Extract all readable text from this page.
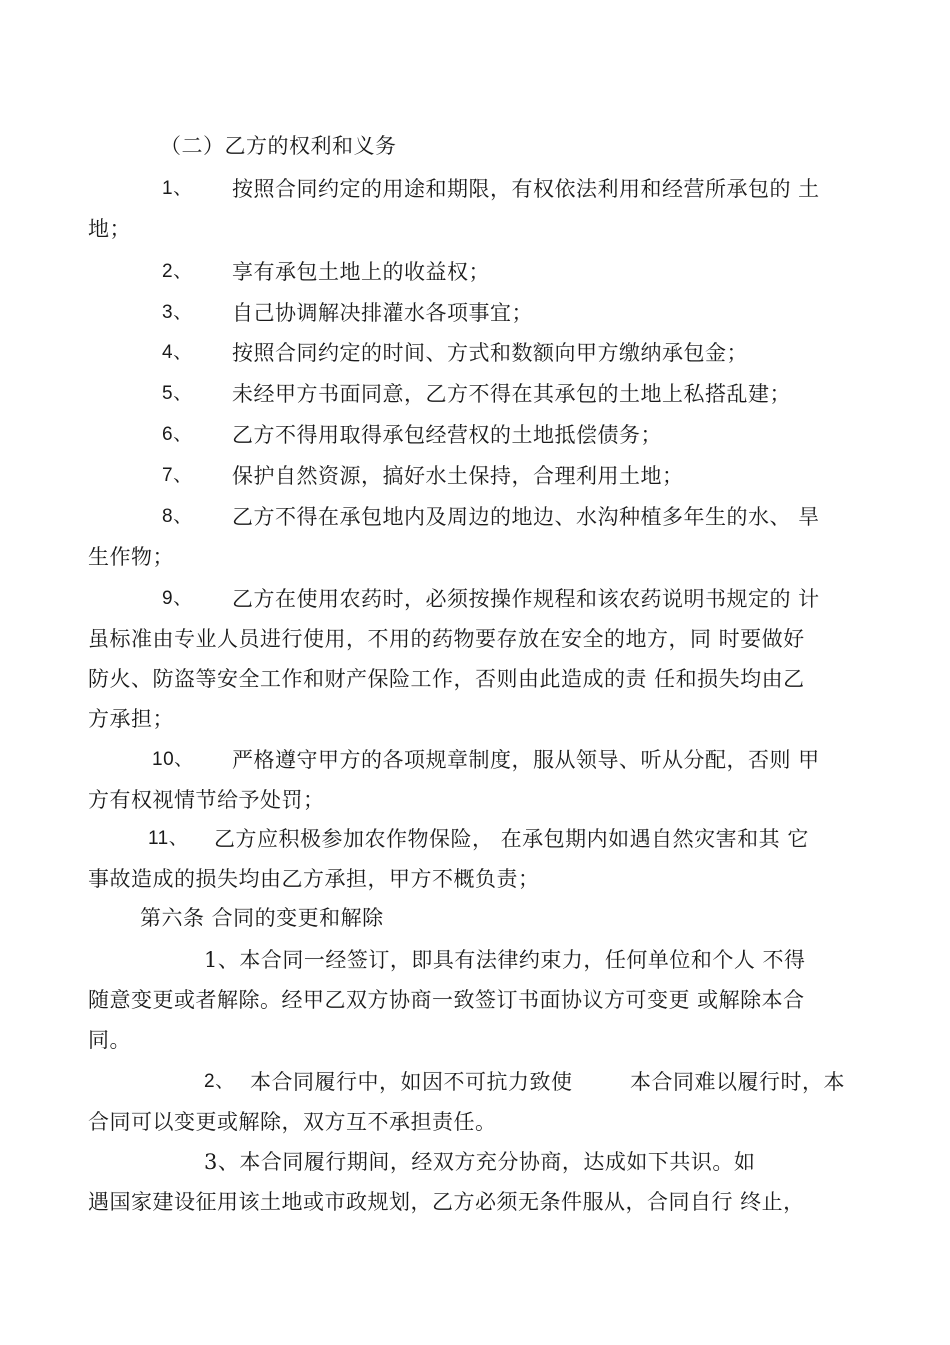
（二）乙方的权利和义务
1、 按照合同约定的用途和期限，有权依法利用和经营所承包的 土
地；
2、 享有承包土地上的收益权；
3、 自己协调解决排灌水各项事宜；
4、 按照合同约定的时间、方式和数额向甲方缴纳承包金；
5、 未经甲方书面同意，乙方不得在其承包的土地上私搭乱建；
6、 乙方不得用取得承包经营权的土地抵偿债务；
7、 保护自然资源，搞好水土保持，合理利用土地；
8、 乙方不得在承包地内及周边的地边、水沟种植多年生的水、 旱
生作物；
9、 乙方在使用农药时，必须按操作规程和该农药说明书规定的 计
虽标准由专业人员进行使用，不用的药物要存放在安全的地方，同 时要做好
防火、防盗等安全工作和财产保险工作，否则由此造成的责 任和损失均由乙
方承担；
10、 严格遵守甲方的各项规章制度，服从领导、听从分配，否则 甲
方有权视情节给予处罚；
11、 乙方应积极参加农作物保险， 在承包期内如遇自然灾害和其 它
事故造成的损失均由乙方承担，甲方不概负责；
第六条 合同的变更和解除
1、本合同一经签订，即具有法律约束力，任何单位和个人 不得
随意变更或者解除。经甲乙双方协商一致签订书面协议方可变更 或解除本合
同。
2、 本合同履行中，如因不可抗力致使	本合同难以履行时，本
合同可以变更或解除，双方互不承担责任。
3、本合同履行期间，经双方充分协商，达成如下共识。如
遇国家建设征用该土地或市政规划，乙方必须无条件服从，合同自行 终止，
